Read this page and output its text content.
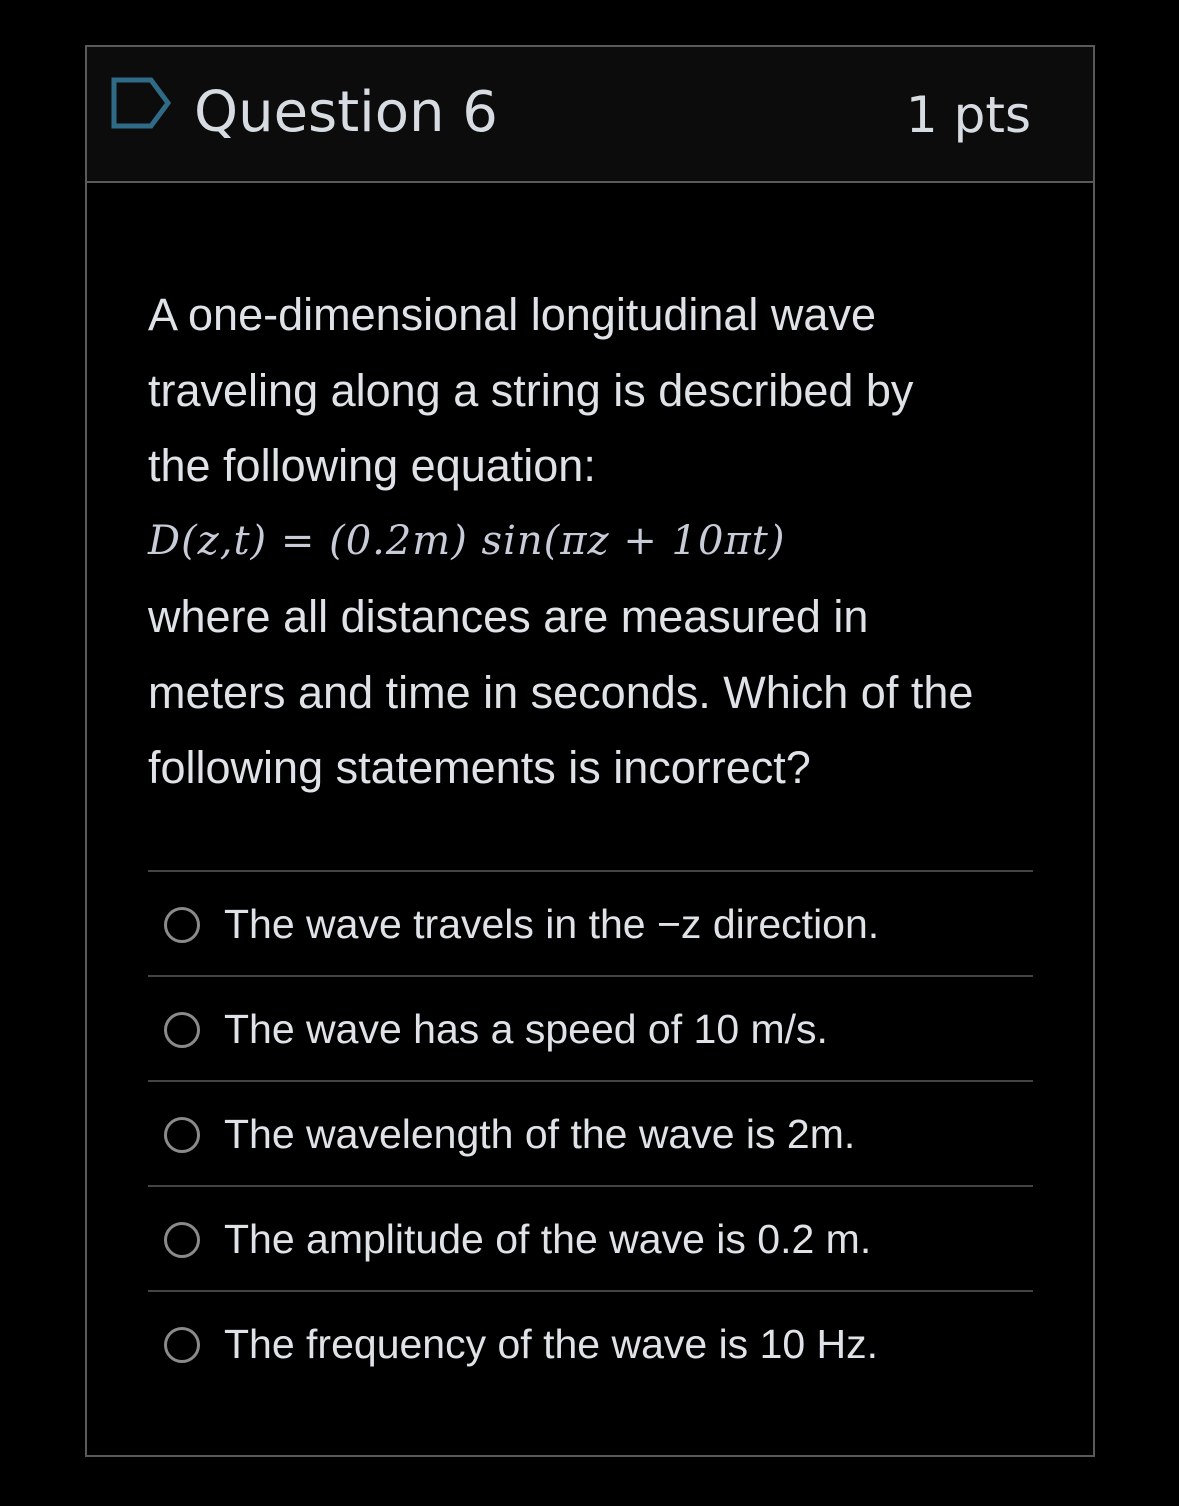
Question 6	1 pts
A one-dimensional longitudinal wave
traveling along a string is described by
the following equation:
D(z,t) = (0.2m) sin(πz + 10πt)
where all distances are measured in
meters and time in seconds. Which of the
following statements is incorrect?
The wave travels in the −z direction.
The wave has a speed of 10 m/s.
The wavelength of the wave is 2m.
The amplitude of the wave is 0.2 m.
The frequency of the wave is 10 Hz.
